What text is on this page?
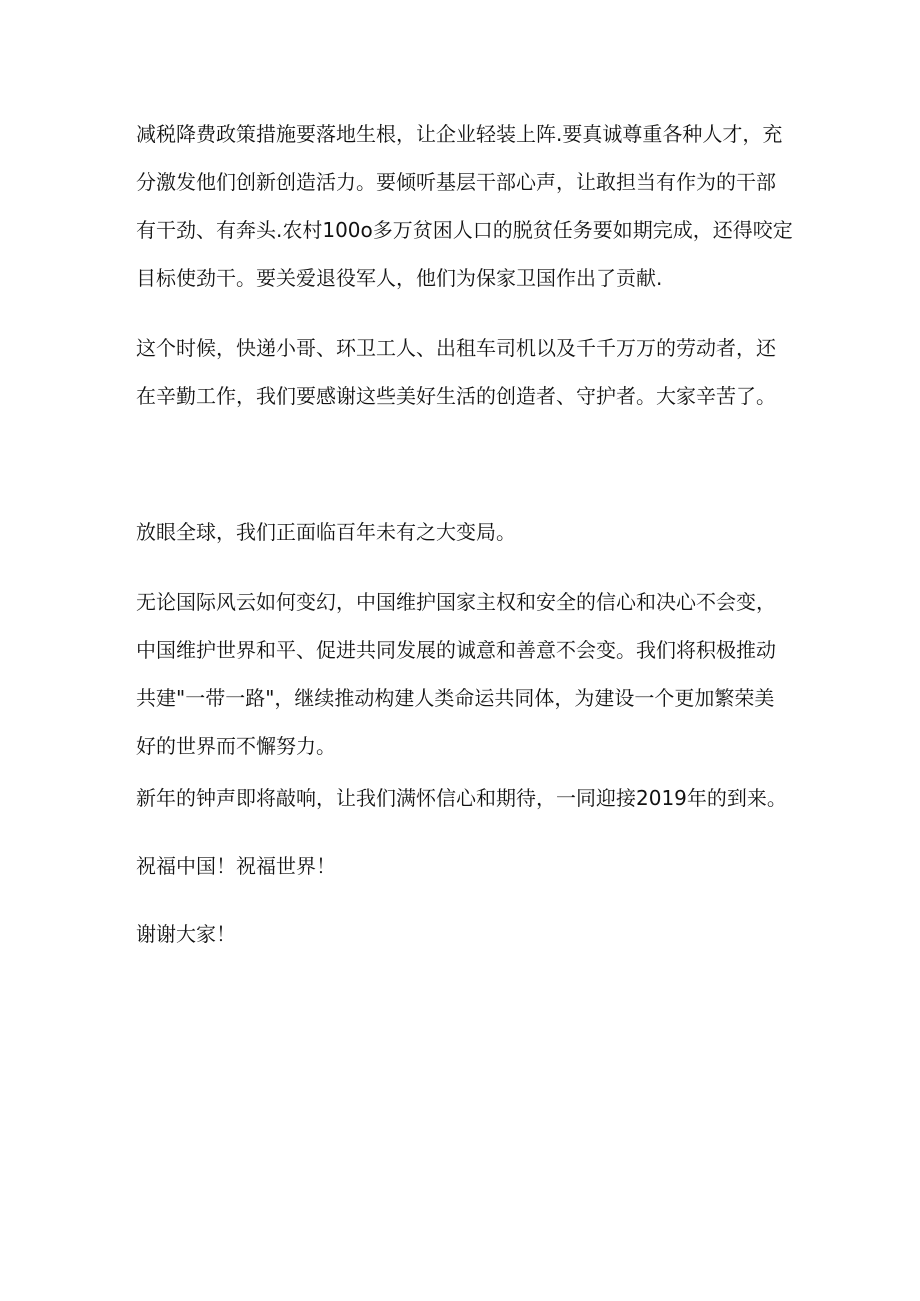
减税降费政策措施要落地生根，让企业轻装上阵.要真诚尊重各种人才，充
分激发他们创新创造活力。要倾听基层干部心声，让敢担当有作为的干部
有干劲、有奔头.农村100o多万贫困人口的脱贫任务要如期完成，还得咬定
目标使劲干。要关爱退役军人，他们为保家卫国作出了贡献.
这个时候，快递小哥、环卫工人、出租车司机以及千千万万的劳动者，还
在辛勤工作，我们要感谢这些美好生活的创造者、守护者。大家辛苦了。
放眼全球，我们正面临百年未有之大变局。
无论国际风云如何变幻，中国维护国家主权和安全的信心和决心不会变，
中国维护世界和平、促进共同发展的诚意和善意不会变。我们将积极推动
共建"一带一路"，继续推动构建人类命运共同体，为建设一个更加繁荣美
好的世界而不懈努力。
新年的钟声即将敲响，让我们满怀信心和期待，一同迎接2019年的到来。
祝福中国！祝福世界！
谢谢大家！
